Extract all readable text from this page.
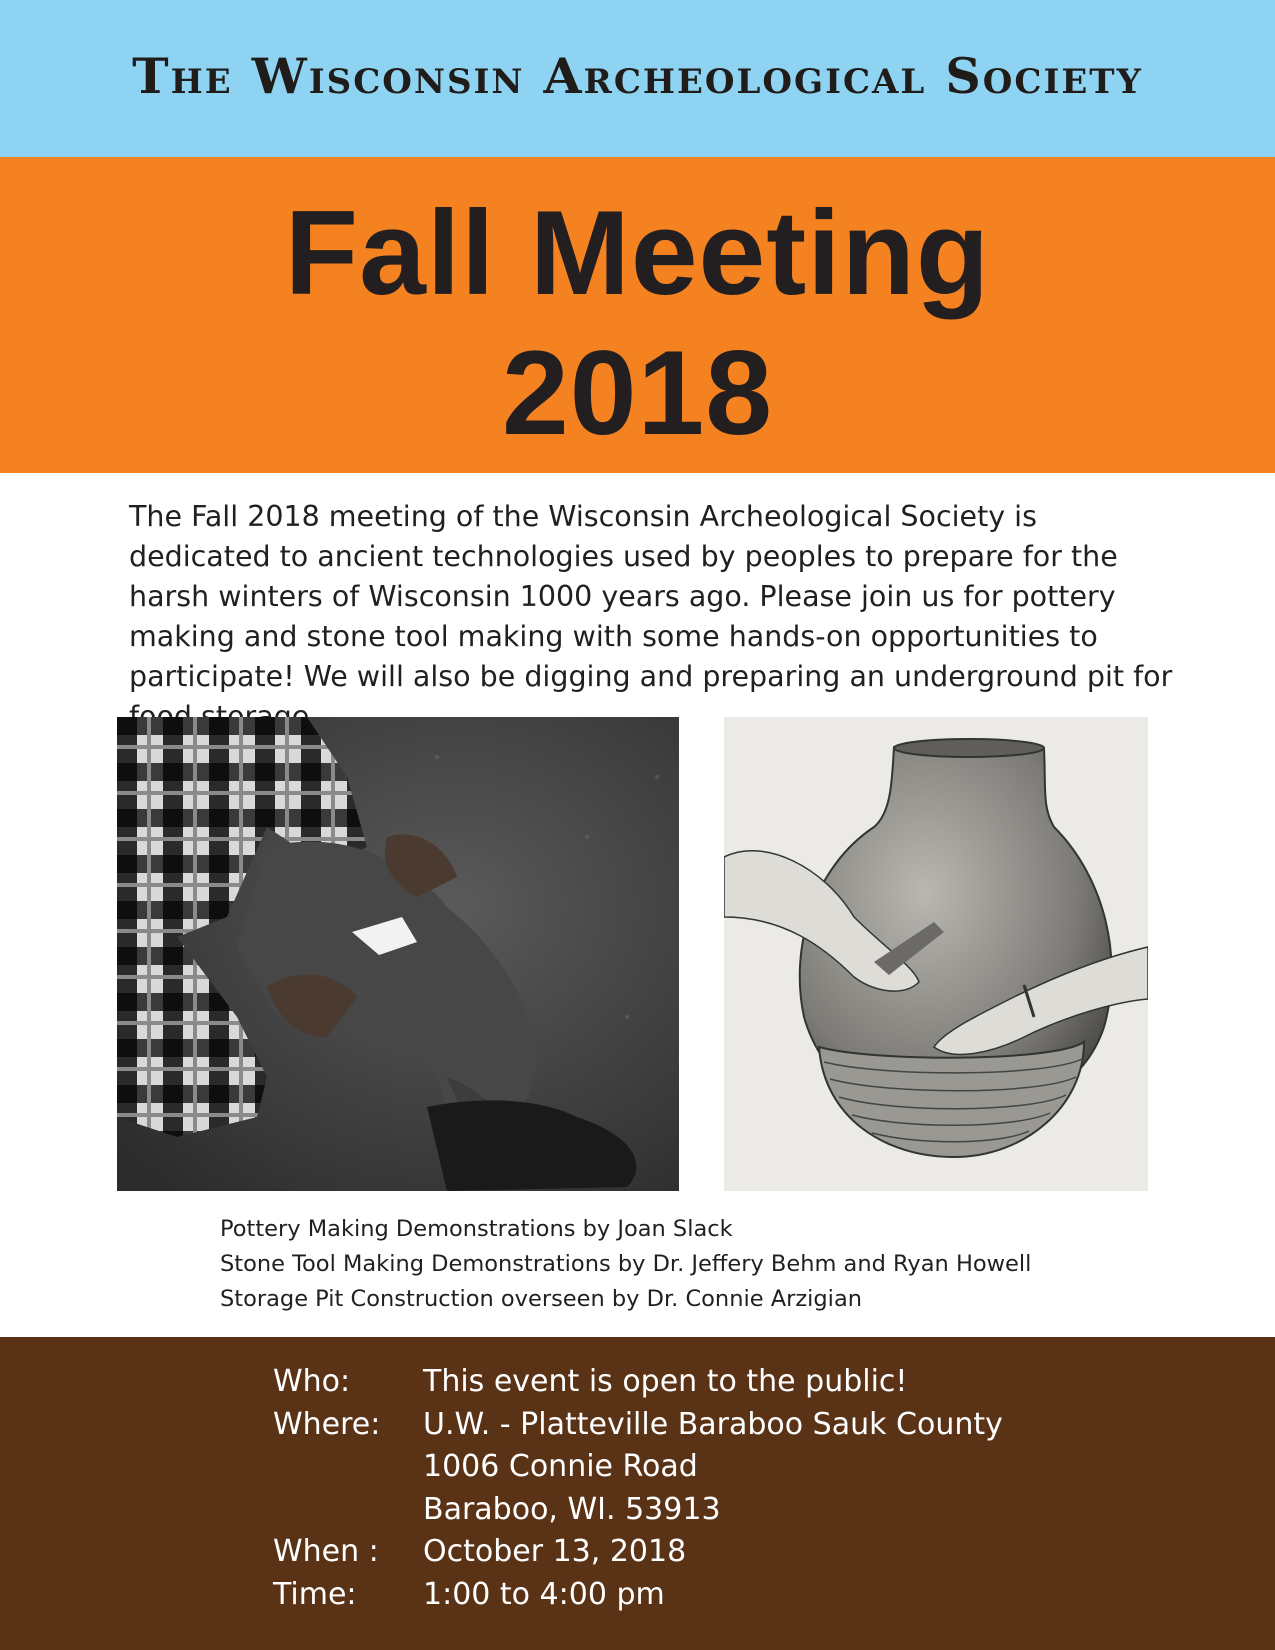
The Wisconsin Archeological Society
Fall Meeting
2018

The Fall 2018 meeting of the Wisconsin Archeological Society is dedicated to ancient technologies used by peoples to prepare for the harsh winters of Wisconsin 1000 years ago. Please join us for pottery making and stone tool making with some hands-on opportunities to participate! We will also be digging and preparing an underground pit for

Pottery Making Demonstrations by Joan Slack
Stone Tool Making Demonstrations by Dr. Jeffery Behm and Ryan Howell
Storage Pit Construction overseen by Dr. Connie Arzigian
Who:	This event is open to the public!
Where:	U.W. - Platteville Baraboo Sauk County
1006 Connie Road
Baraboo, WI. 53913
When :	October 13, 2018
Time:	1:00 to 4:00 pm
